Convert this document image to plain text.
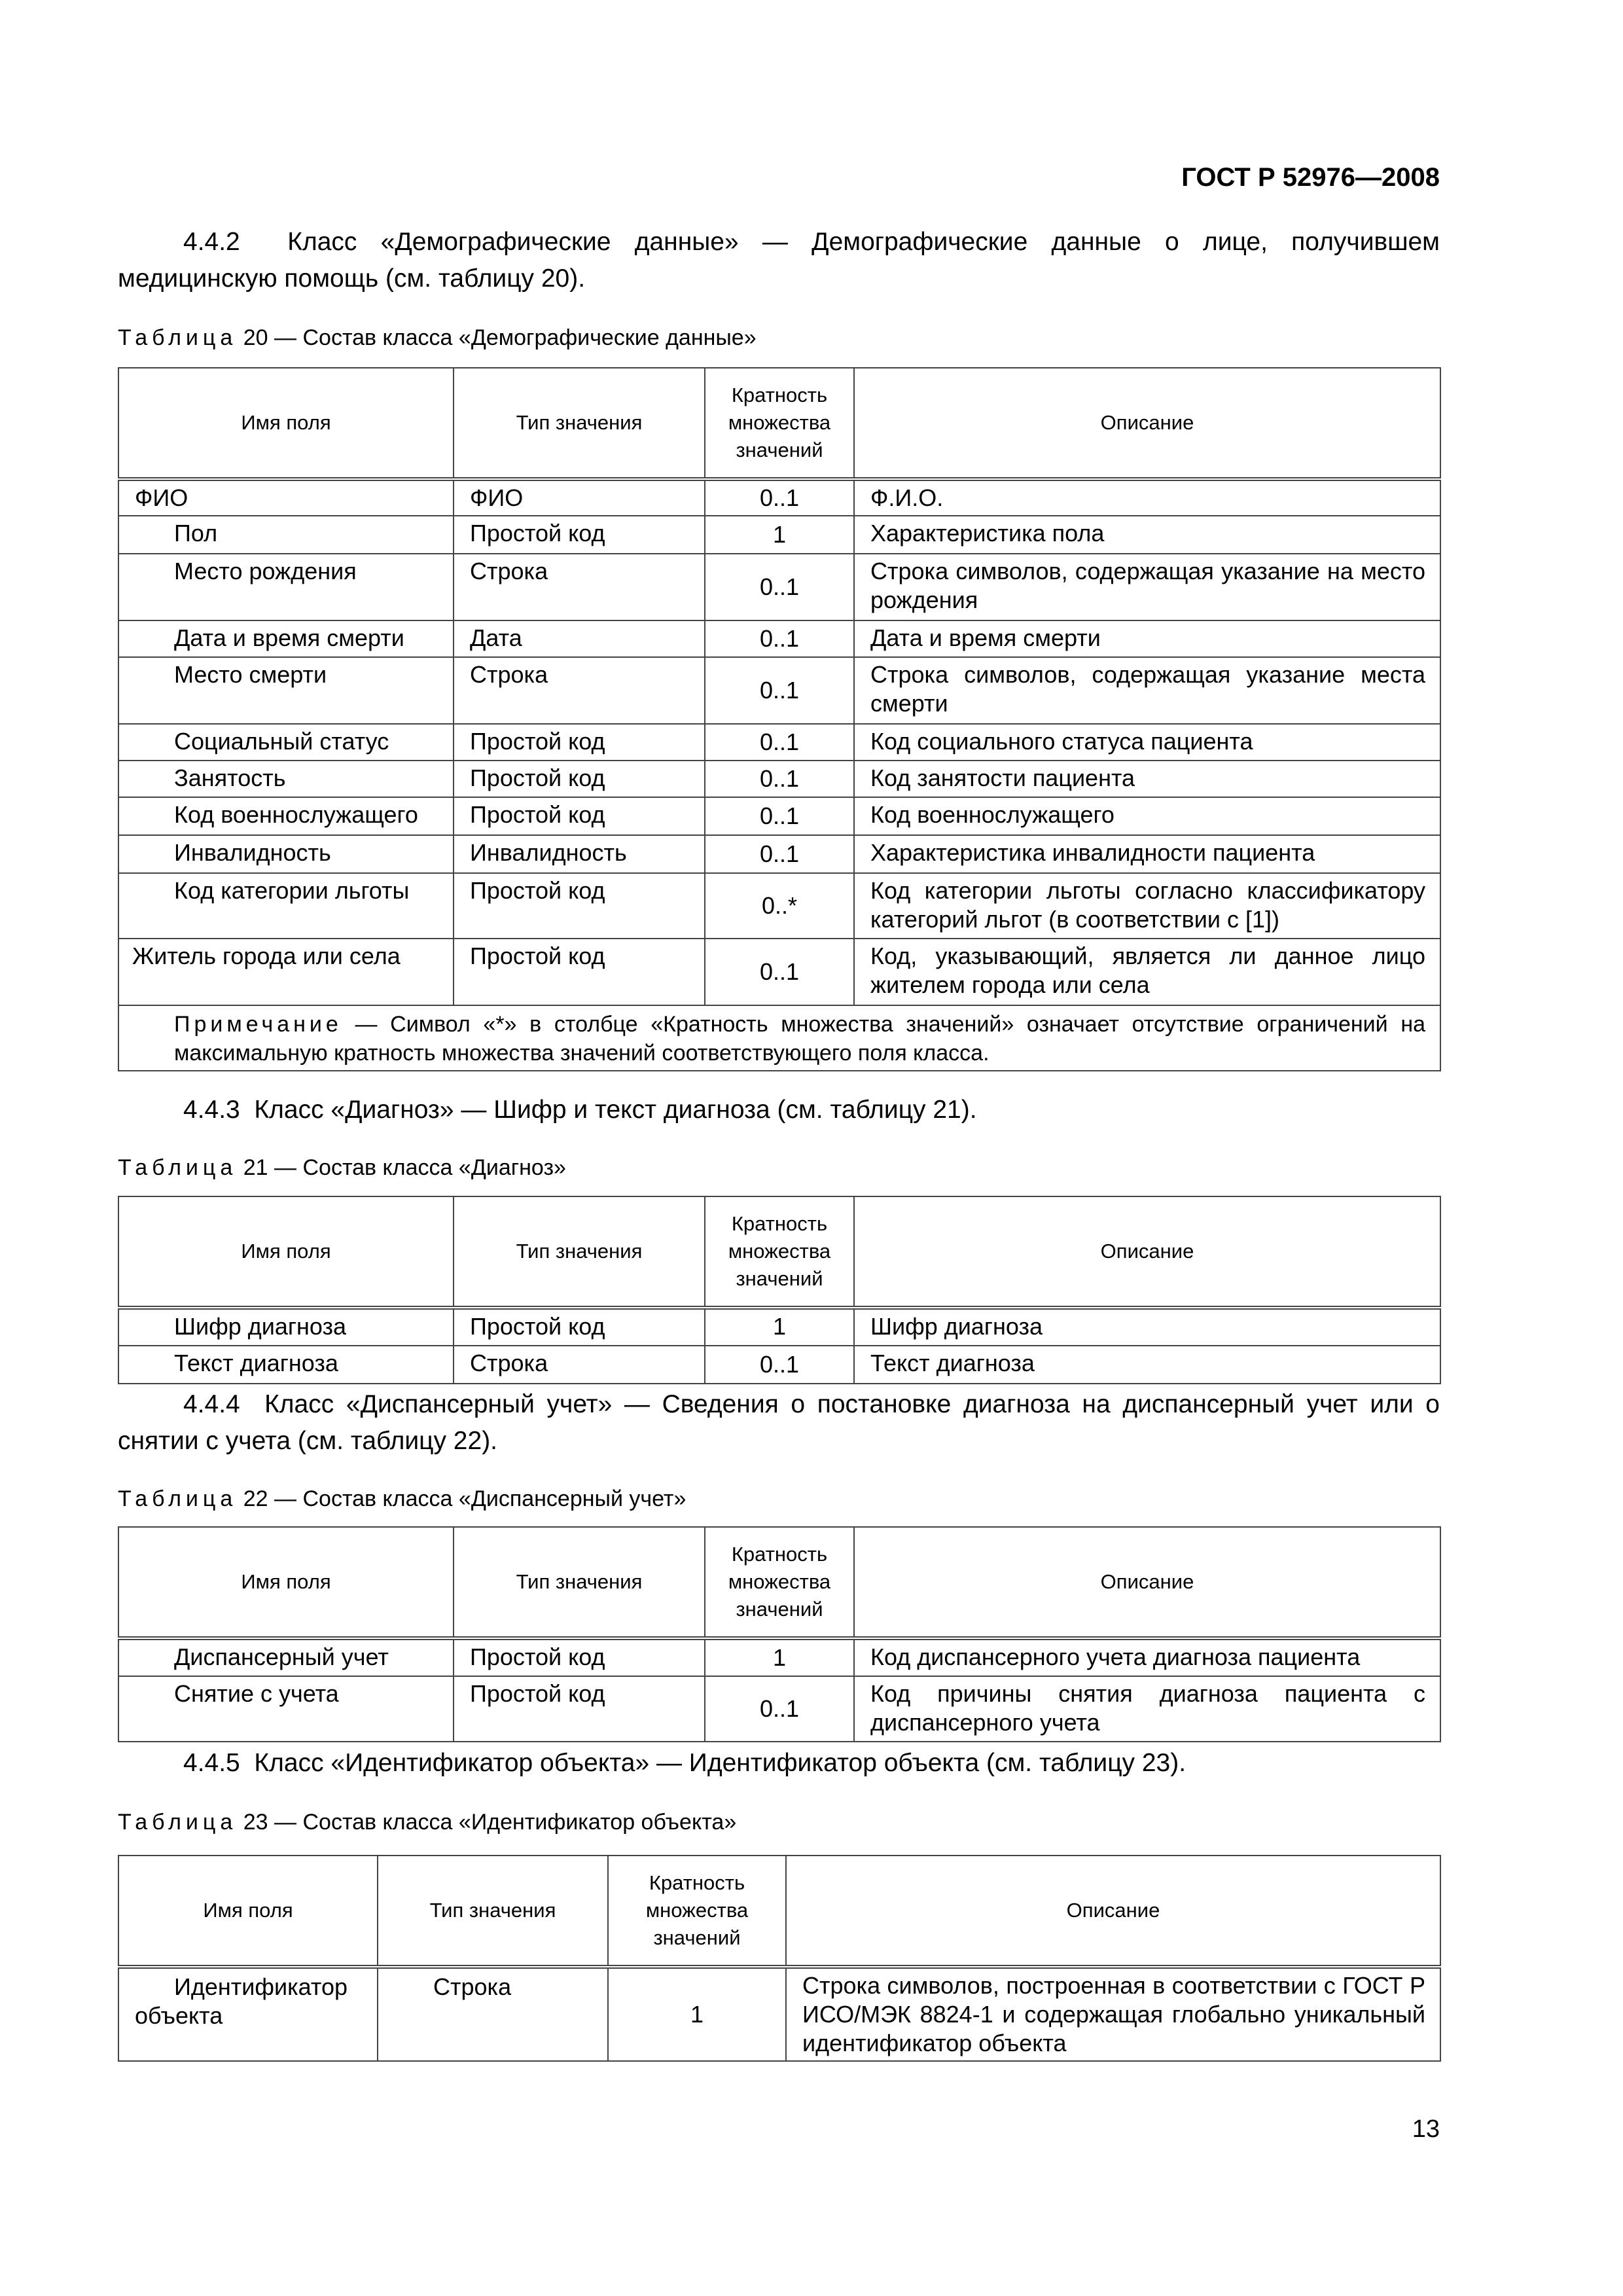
ГОСТ Р 52976—2008

4.4.2 Класс «Демографические данные» — Демографические данные о лице, получившем медицинскую помощь (см. таблицу 20).

Таблица 20 — Состав класса «Демографические данные»

Имя поля	Тип значения	Кратность множества значений	Описание
ФИО	ФИО	0..1	Ф.И.О.
Пол	Простой код	1	Характеристика пола
Место рождения	Строка	0..1	Строка символов, содержащая указание на место рождения
Дата и время смерти	Дата	0..1	Дата и время смерти
Место смерти	Строка	0..1	Строка символов, содержащая указание места смерти
Социальный статус	Простой код	0..1	Код социального статуса пациента
Занятость	Простой код	0..1	Код занятости пациента
Код военнослужащего	Простой код	0..1	Код военнослужащего
Инвалидность	Инвалидность	0..1	Характеристика инвалидности пациента
Код категории льготы	Простой код	0..*	Код категории льготы согласно классификатору категорий льгот (в соответствии с [1])
Житель города или села	Простой код	0..1	Код, указывающий, является ли данное лицо жителем города или села
Примечание — Символ «*» в столбце «Кратность множества значений» означает отсутствие ограничений на максимальную кратность множества значений соответствующего поля класса.			

4.4.3 Класс «Диагноз» — Шифр и текст диагноза (см. таблицу 21).

Таблица 21 — Состав класса «Диагноз»

Имя поля	Тип значения	Кратность множества значений	Описание
Шифр диагноза	Простой код	1	Шифр диагноза
Текст диагноза	Строка	0..1	Текст диагноза

4.4.4 Класс «Диспансерный учет» — Сведения о постановке диагноза на диспансерный учет или о снятии с учета (см. таблицу 22).

Таблица 22 — Состав класса «Диспансерный учет»

Имя поля	Тип значения	Кратность множества значений	Описание
Диспансерный учет	Простой код	1	Код диспансерного учета диагноза пациента
Снятие с учета	Простой код	0..1	Код причины снятия диагноза пациента с диспансерного учета

4.4.5 Класс «Идентификатор объекта» — Идентификатор объекта (см. таблицу 23).

Таблица 23 — Состав класса «Идентификатор объекта»

Имя поля	Тип значения	Кратность множества значений	Описание
Идентификатор объекта	Строка	1	Строка символов, построенная в соответствии с ГОСТ Р ИСО/МЭК 8824-1 и содержащая глобально уникальный идентификатор объекта
13
